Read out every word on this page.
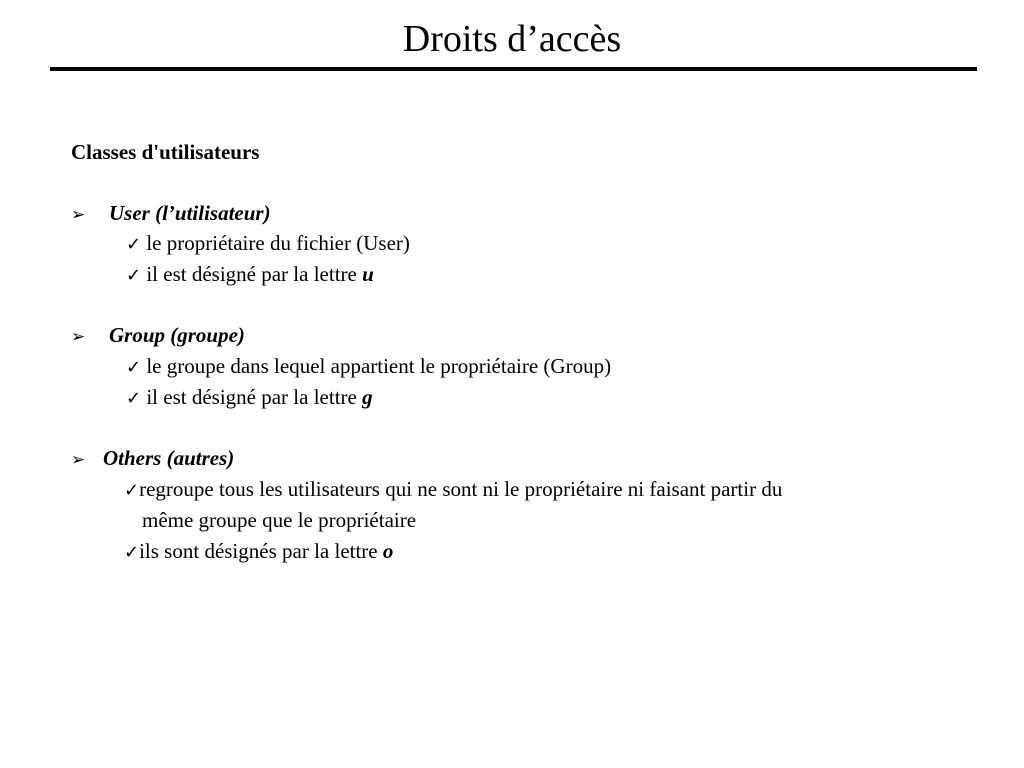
Droits d’accès
Classes d'utilisateurs
➢ User (l’utilisateur)
✓ le propriétaire du fichier (User)
✓ il est désigné par la lettre u
➢ Group (groupe)
✓ le groupe dans lequel appartient le propriétaire (Group)
✓ il est désigné par la lettre g
➢ Others (autres)
✓regroupe tous les utilisateurs qui ne sont ni le propriétaire ni faisant partir du
même groupe que le propriétaire
✓ils sont désignés par la lettre o
